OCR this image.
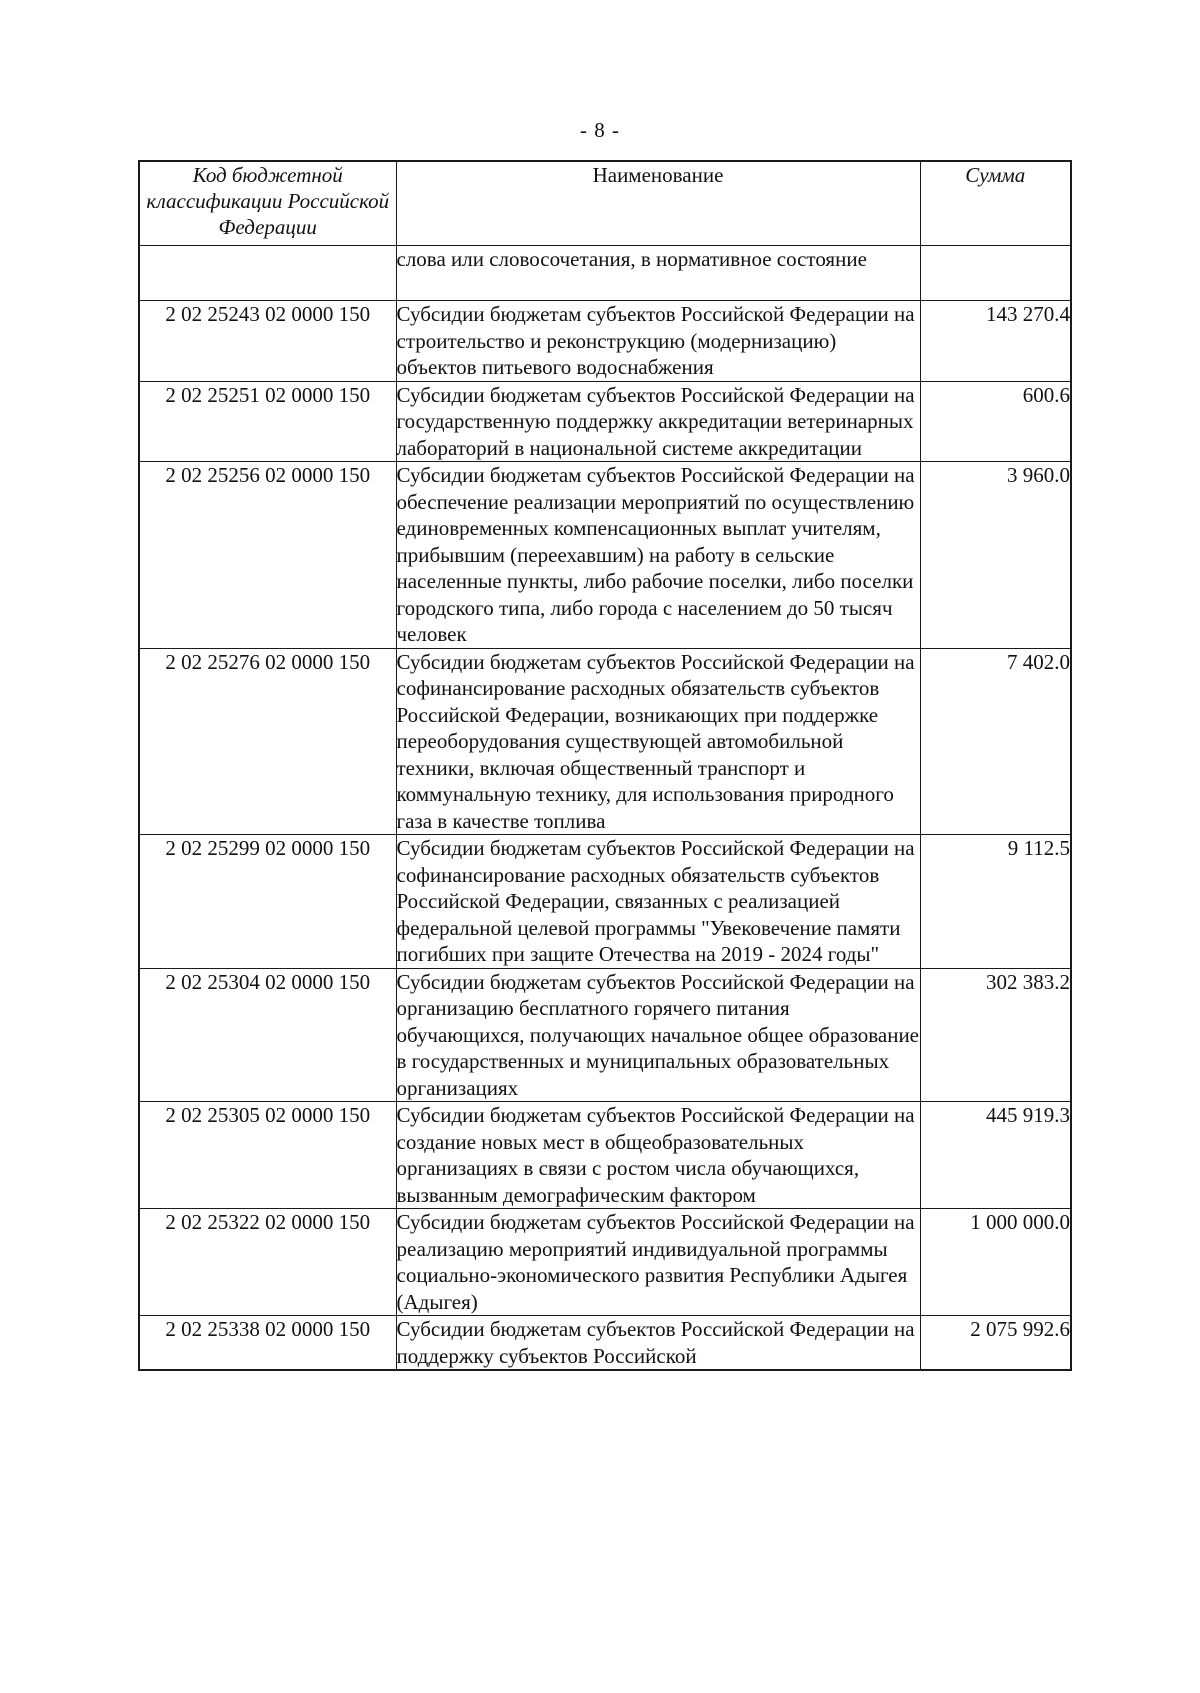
- 8 -
Код бюджетной классификации Российской Федерации	Наименование	Сумма
	слова или словосочетания, в нормативное состояние	
2 02 25243 02 0000 150	Субсидии бюджетам субъектов Российской Федерации на строительство и реконструкцию (модернизацию) объектов питьевого водоснабжения	143 270.4
2 02 25251 02 0000 150	Субсидии бюджетам субъектов Российской Федерации на государственную поддержку аккредитации ветеринарных лабораторий в национальной системе аккредитации	600.6
2 02 25256 02 0000 150	Субсидии бюджетам субъектов Российской Федерации на обеспечение реализации мероприятий по осуществлению единовременных компенсационных выплат учителям, прибывшим (переехавшим) на работу в сельские населенные пункты, либо рабочие поселки, либо поселки городского типа, либо города с населением до 50 тысяч человек	3 960.0
2 02 25276 02 0000 150	Субсидии бюджетам субъектов Российской Федерации на софинансирование расходных обязательств субъектов Российской Федерации, возникающих при поддержке переоборудования существующей автомобильной техники, включая общественный транспорт и коммунальную технику, для использования природного газа в качестве топлива	7 402.0
2 02 25299 02 0000 150	Субсидии бюджетам субъектов Российской Федерации на софинансирование расходных обязательств субъектов Российской Федерации, связанных с реализацией федеральной целевой программы "Увековечение памяти погибших при защите Отечества на 2019 - 2024 годы"	9 112.5
2 02 25304 02 0000 150	Субсидии бюджетам субъектов Российской Федерации на организацию бесплатного горячего питания обучающихся, получающих начальное общее образование в государственных и муниципальных образовательных организациях	302 383.2
2 02 25305 02 0000 150	Субсидии бюджетам субъектов Российской Федерации на создание новых мест в общеобразовательных организациях в связи с ростом числа обучающихся, вызванным демографическим фактором	445 919.3
2 02 25322 02 0000 150	Субсидии бюджетам субъектов Российской Федерации на реализацию мероприятий индивидуальной программы социально-экономического развития Республики Адыгея (Адыгея)	1 000 000.0
2 02 25338 02 0000 150	Субсидии бюджетам субъектов Российской Федерации на поддержку субъектов Российской	2 075 992.6
